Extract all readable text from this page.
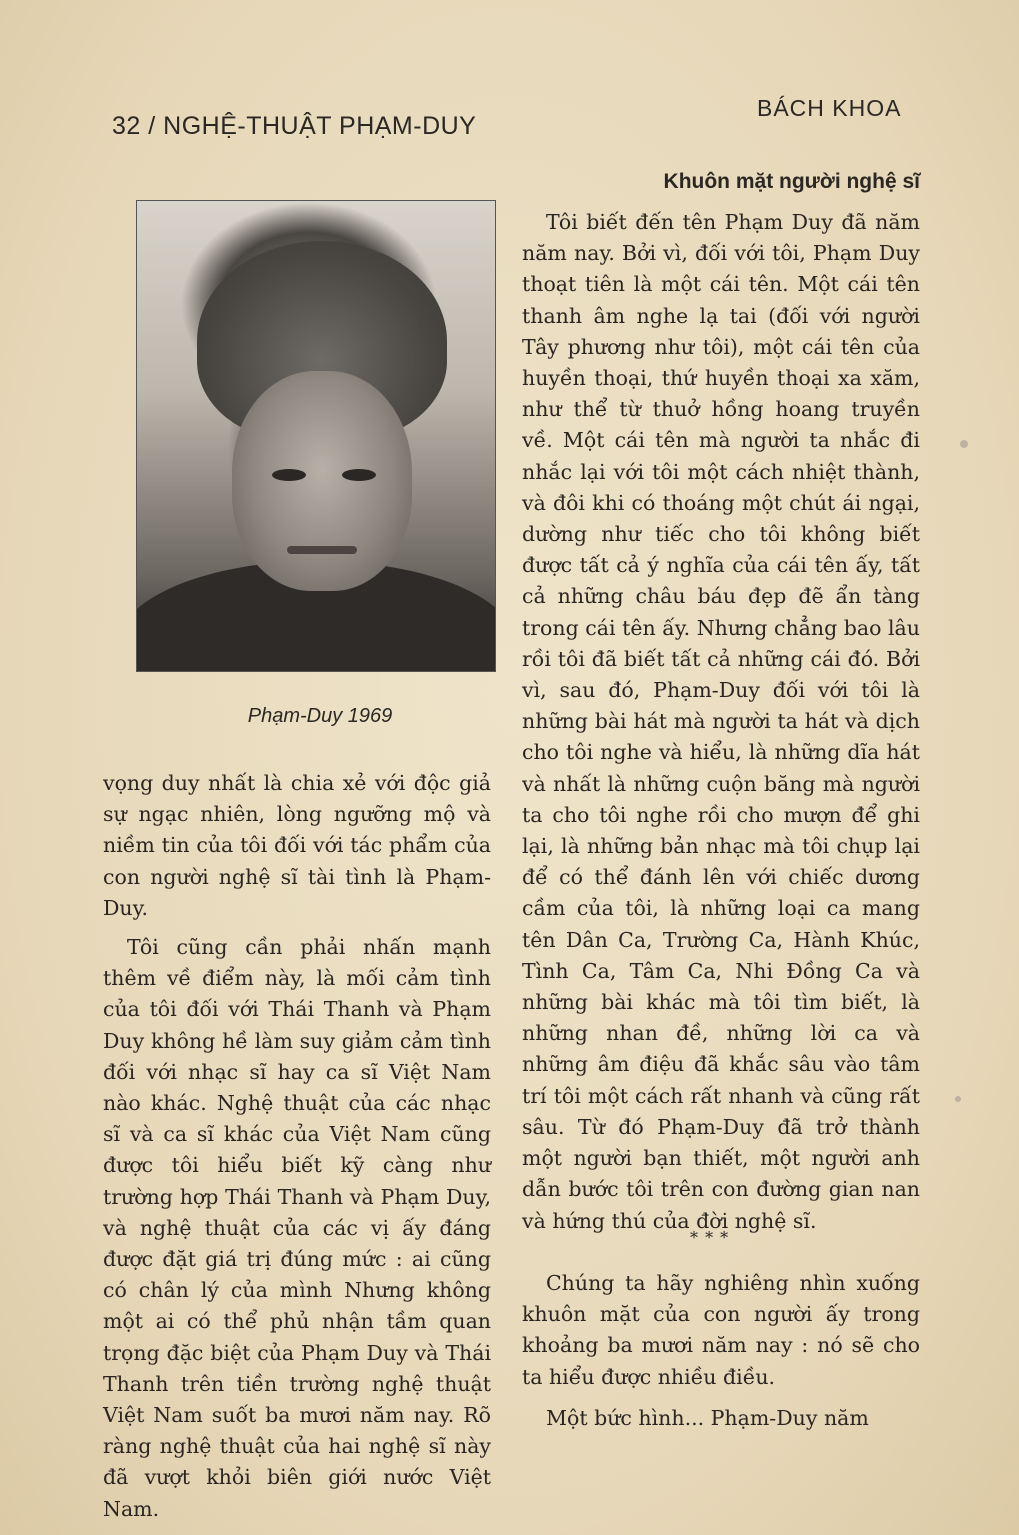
32 / NGHỆ-THUẬT PHẠM-DUY
BÁCH KHOA
Phạm-Duy 1969

vọng duy nhất là chia xẻ với độc giả sự ngạc nhiên, lòng ngưỡng mộ và niềm tin của tôi đối với tác phẩm của con người nghệ sĩ tài tình là Phạm-Duy.

Tôi cũng cần phải nhấn mạnh thêm về điểm này, là mối cảm tình của tôi đối với Thái Thanh và Phạm Duy không hề làm suy giảm cảm tình đối với nhạc sĩ hay ca sĩ Việt Nam nào khác. Nghệ thuật của các nhạc sĩ và ca sĩ khác của Việt Nam cũng được tôi hiểu biết kỹ càng như trường hợp Thái Thanh và Phạm Duy, và nghệ thuật của các vị ấy đáng được đặt giá trị đúng mức : ai cũng có chân lý của mình Nhưng không một ai có thể phủ nhận tầm quan trọng đặc biệt của Phạm Duy và Thái Thanh trên tiền trường nghệ thuật Việt Nam suốt ba mươi năm nay. Rõ ràng nghệ thuật của hai nghệ sĩ này đã vượt khỏi biên giới nước Việt Nam.

Khuôn mặt người nghệ sĩ

Tôi biết đến tên Phạm Duy đã năm năm nay. Bởi vì, đối với tôi, Phạm Duy thoạt tiên là một cái tên. Một cái tên thanh âm nghe lạ tai (đối với người Tây phương như tôi), một cái tên của huyền thoại, thứ huyền thoại xa xăm, như thể từ thuở hồng hoang truyền về. Một cái tên mà người ta nhắc đi nhắc lại với tôi một cách nhiệt thành, và đôi khi có thoáng một chút ái ngại, dường như tiếc cho tôi không biết được tất cả ý nghĩa của cái tên ấy, tất cả những châu báu đẹp đẽ ẩn tàng trong cái tên ấy. Nhưng chẳng bao lâu rồi tôi đã biết tất cả những cái đó. Bởi vì, sau đó, Phạm-Duy đối với tôi là những bài hát mà người ta hát và dịch cho tôi nghe và hiểu, là những dĩa hát và nhất là những cuộn băng mà người ta cho tôi nghe rồi cho mượn để ghi lại, là những bản nhạc mà tôi chụp lại để có thể đánh lên với chiếc dương cầm của tôi, là những loại ca mang tên Dân Ca, Trường Ca, Hành Khúc, Tình Ca, Tâm Ca, Nhi Đồng Ca và những bài khác mà tôi tìm biết, là những nhan đề, những lời ca và những âm điệu đã khắc sâu vào tâm trí tôi một cách rất nhanh và cũng rất sâu. Từ đó Phạm-Duy đã trở thành một người bạn thiết, một người anh dẫn bước tôi trên con đường gian nan và hứng thú của đời nghệ sĩ.

* * *

Chúng ta hãy nghiêng nhìn xuống khuôn mặt của con người ấy trong khoảng ba mươi năm nay : nó sẽ cho ta hiểu được nhiều điều.

Một bức hình... Phạm-Duy năm
